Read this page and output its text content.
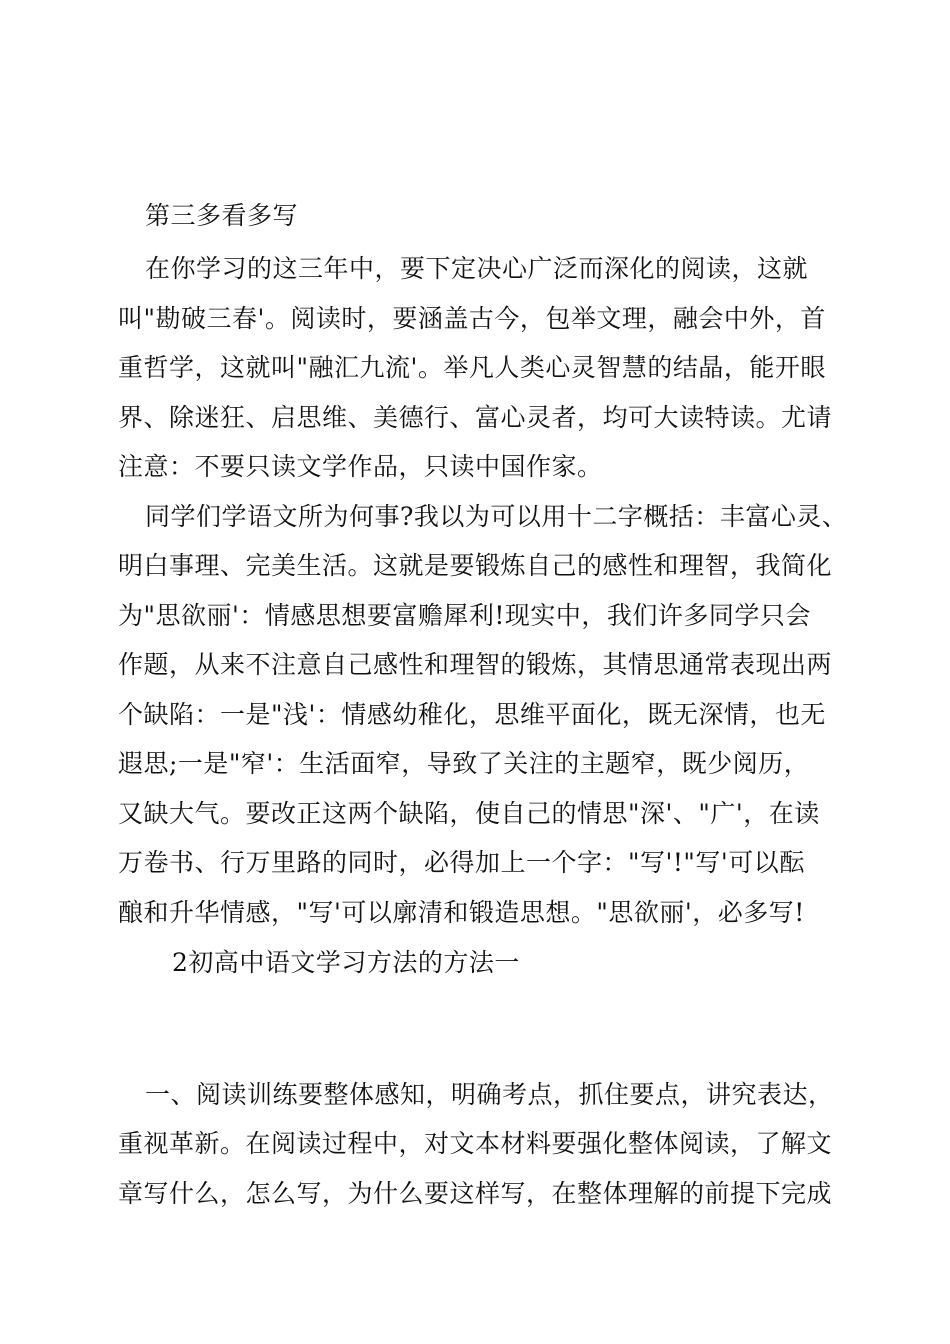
第三多看多写
在你学习的这三年中，要下定决心广泛而深化的阅读，这就
叫"勘破三春'。阅读时，要涵盖古今，包举文理，融会中外，首
重哲学，这就叫"融汇九流'。举凡人类心灵智慧的结晶，能开眼
界、除迷狂、启思维、美德行、富心灵者，均可大读特读。尤请
注意：不要只读文学作品，只读中国作家。
同学们学语文所为何事?我以为可以用十二字概括：丰富心灵、
明白事理、完美生活。这就是要锻炼自己的感性和理智，我简化
为"思欲丽'：情感思想要富赡犀利!现实中，我们许多同学只会
作题，从来不注意自己感性和理智的锻炼，其情思通常表现出两
个缺陷：一是"浅'：情感幼稚化，思维平面化，既无深情，也无
遐思;一是"窄'：生活面窄，导致了关注的主题窄，既少阅历，
又缺大气。要改正这两个缺陷，使自己的情思"深'、"广'，在读
万卷书、行万里路的同时，必得加上一个字："写'!"写'可以酝
酿和升华情感，"写'可以廓清和锻造思想。"思欲丽'，必多写!
2初高中语文学习方法的方法一
一、阅读训练要整体感知，明确考点，抓住要点，讲究表达，
重视革新。在阅读过程中，对文本材料要强化整体阅读，了解文
章写什么，怎么写，为什么要这样写，在整体理解的前提下完成
